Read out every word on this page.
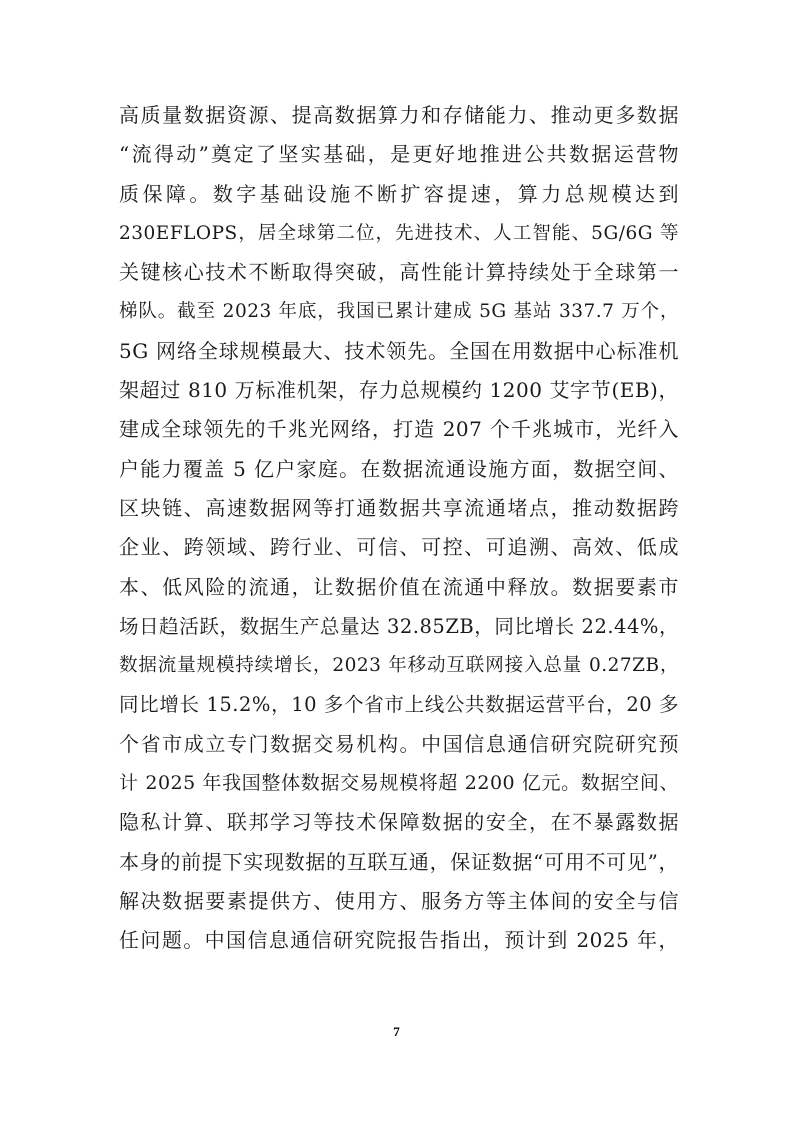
高质量数据资源、提高数据算力和存储能力、推动更多数据
“流得动”奠定了坚实基础，是更好地推进公共数据运营物
质保障。数字基础设施不断扩容提速，算力总规模达到
230EFLOPS，居全球第二位，先进技术、人工智能、5G/6G 等
关键核心技术不断取得突破，高性能计算持续处于全球第一
梯队。截至 2023 年底，我国已累计建成 5G 基站 337.7 万个，
5G 网络全球规模最大、技术领先。全国在用数据中心标准机
架超过 810 万标准机架，存力总规模约 1200 艾字节(EB)，
建成全球领先的千兆光网络，打造 207 个千兆城市，光纤入
户能力覆盖 5 亿户家庭。在数据流通设施方面，数据空间、
区块链、高速数据网等打通数据共享流通堵点，推动数据跨
企业、跨领域、跨行业、可信、可控、可追溯、高效、低成
本、低风险的流通，让数据价值在流通中释放。数据要素市
场日趋活跃，数据生产总量达 32.85ZB，同比增长 22.44%，
数据流量规模持续增长，2023 年移动互联网接入总量 0.27ZB，
同比增长 15.2%，10 多个省市上线公共数据运营平台，20 多
个省市成立专门数据交易机构。中国信息通信研究院研究预
计 2025 年我国整体数据交易规模将超 2200 亿元。数据空间、
隐私计算、联邦学习等技术保障数据的安全，在不暴露数据
本身的前提下实现数据的互联互通，保证数据“可用不可见”，
解决数据要素提供方、使用方、服务方等主体间的安全与信
任问题。中国信息通信研究院报告指出，预计到 2025 年，
7
